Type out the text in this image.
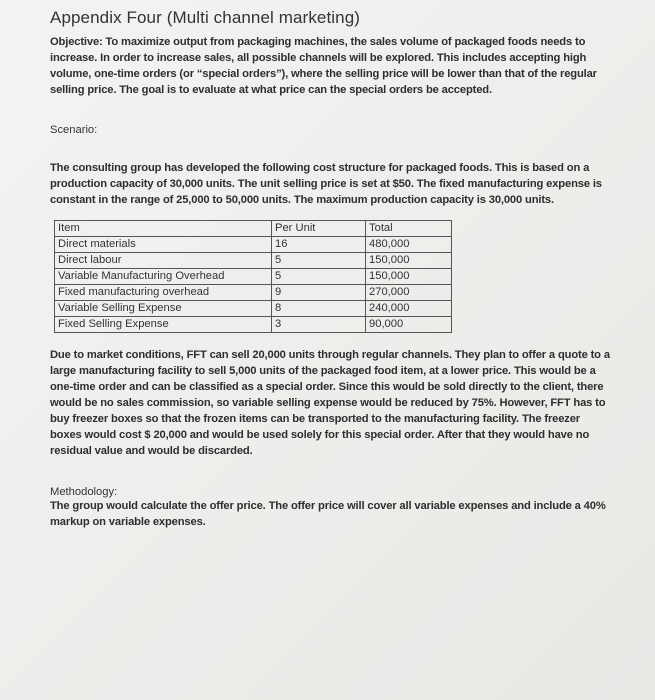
Appendix Four (Multi channel marketing)

Objective: To maximize output from packaging machines, the sales volume of packaged foods needs to increase. In order to increase sales, all possible channels will be explored. This includes accepting high volume, one-time orders (or “special orders”), where the selling price will be lower than that of the regular selling price. The goal is to evaluate at what price can the special orders be accepted.

Scenario:

The consulting group has developed the following cost structure for packaged foods. This is based on a production capacity of 30,000 units. The unit selling price is set at $50. The fixed manufacturing expense is constant in the range of 25,000 to 50,000 units. The maximum production capacity is 30,000 units.

Item	Per Unit	Total
Direct materials	16	480,000
Direct labour	5	150,000
Variable Manufacturing Overhead	5	150,000
Fixed manufacturing overhead	9	270,000
Variable Selling Expense	8	240,000
Fixed Selling Expense	3	90,000

Due to market conditions, FFT can sell 20,000 units through regular channels. They plan to offer a quote to a large manufacturing facility to sell 5,000 units of the packaged food item, at a lower price. This would be a one-time order and can be classified as a special order. Since this would be sold directly to the client, there would be no sales commission, so variable selling expense would be reduced by 75%. However, FFT has to buy freezer boxes so that the frozen items can be transported to the manufacturing facility. The freezer boxes would cost $ 20,000 and would be used solely for this special order. After that they would have no residual value and would be discarded.

Methodology:

The group would calculate the offer price. The offer price will cover all variable expenses and include a 40% markup on variable expenses.
